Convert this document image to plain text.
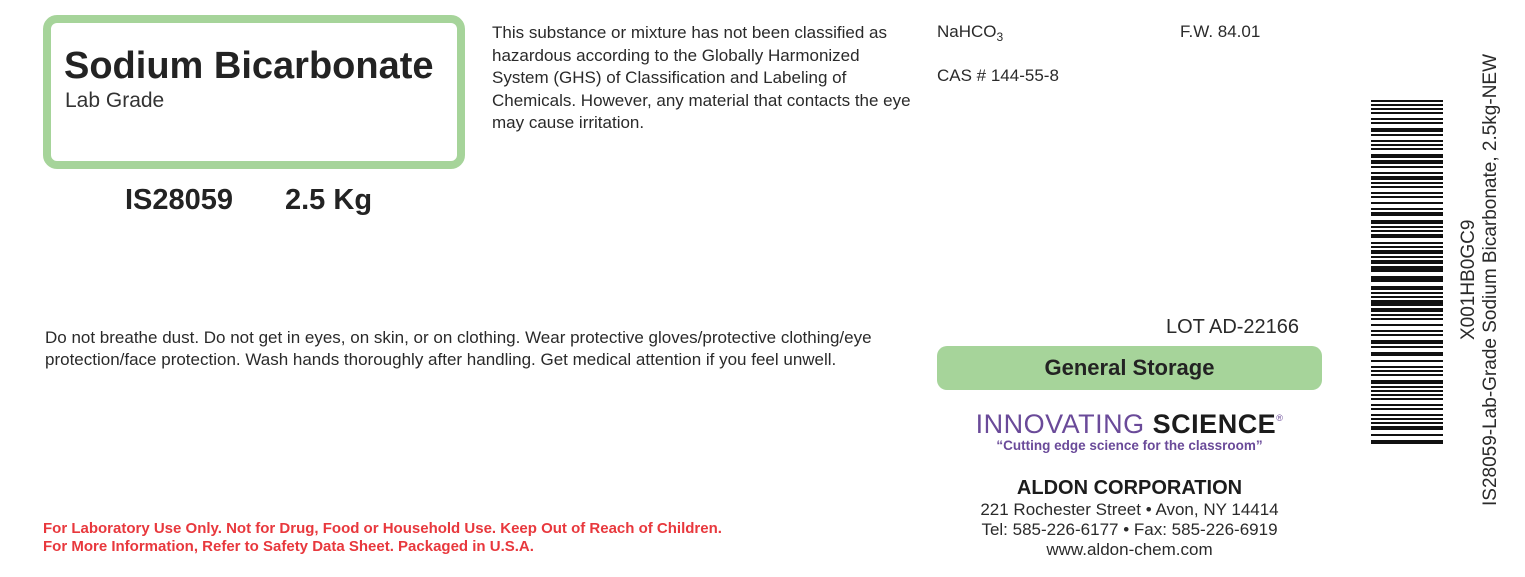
Sodium Bicarbonate
Lab Grade
IS28059 2.5 Kg
This substance or mixture has not been classified as hazardous according to the Globally Harmonized System (GHS) of Classification and Labeling of Chemicals. However, any material that contacts the eye may cause irritation.
NaHCO$_3$	F.W. 84.01
CAS # 144-55-8
Do not breathe dust. Do not get in eyes, on skin, or on clothing. Wear protective gloves/protective clothing/eye protection/face protection. Wash hands thoroughly after handling. Get medical attention if you feel unwell.
LOT AD-22166
General Storage
INNOVATING SCIENCE®
“Cutting edge science for the classroom”
ALDON CORPORATION
221 Rochester Street • Avon, NY 14414
Tel: 585-226-6177 • Fax: 585-226-6919
www.aldon-chem.com
For Laboratory Use Only. Not for Drug, Food or Household Use. Keep Out of Reach of Children.
For More Information, Refer to Safety Data Sheet. Packaged in U.S.A.
X001HB0GC9 IS28059-Lab-Grade Sodium Bicarbonate, 2.5kg-NEW
